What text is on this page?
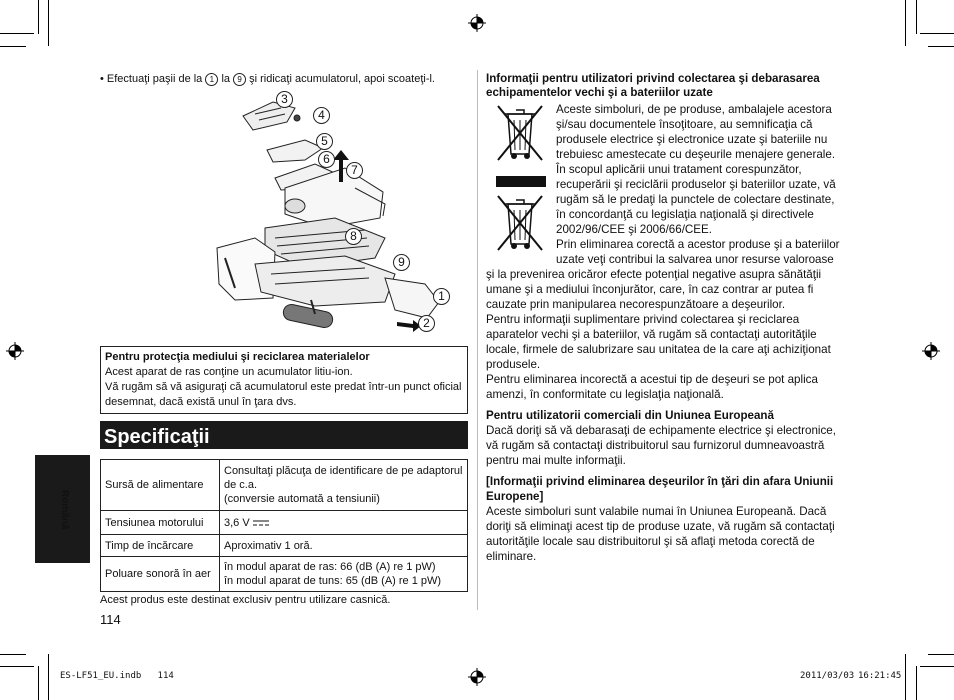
Română
• Efectuaţi paşii de la 1 la 9 şi ridicaţi acumulatorul, apoi scoateţi-l.
3
4
5
6
7
8
9
1
2
Pentru protecţia mediului şi reciclarea materialelor
Acest aparat de ras conţine un acumulator litiu-ion.
Vă rugăm să vă asiguraţi că acumulatorul este predat într-un punct oficial desemnat, dacă există unul în ţara dvs.
Specificaţii
Sursă de alimentare	Consultaţi plăcuţa de identificare de pe adaptorul de c.a.
(conversie automată a tensiunii)
Tensiunea motorului	3,6 V
Timp de încărcare	Aproximativ 1 oră.
Poluare sonoră în aer	în modul aparat de ras: 66 (dB (A) re 1 pW)
în modul aparat de tuns: 65 (dB (A) re 1 pW)
Acest produs este destinat exclusiv pentru utilizare casnică.
114
Informaţii pentru utilizatori privind colectarea şi debarasarea echipamentelor vechi şi a bateriilor uzate
Aceste simboluri, de pe produse, ambalajele acestora
şi/sau documentele însoţitoare, au semnificaţia că
produsele electrice şi electronice uzate şi bateriile nu
trebuiesc amestecate cu deşeurile menajere generale.
În scopul aplicării unui tratament corespunzător,
recuperării şi reciclării produselor şi bateriilor uzate, vă
rugăm să le predaţi la punctele de colectare destinate,
în concordanţă cu legislaţia naţională şi directivele
2002/96/CEE şi 2006/66/CEE.
Prin eliminarea corectă a acestor produse şi a bateriilor
uzate veţi contribui la salvarea unor resurse valoroase

şi la prevenirea oricăror efecte potenţial negative asupra sănătăţii umane şi a mediului înconjurător, care, în caz contrar ar putea fi cauzate prin manipularea necorespunzătoare a deşeurilor.

Pentru informaţii suplimentare privind colectarea şi reciclarea aparatelor vechi şi a bateriilor, vă rugăm să contactaţi autorităţile locale, firmele de salubrizare sau unitatea de la care aţi achiziţionat produsele.

Pentru eliminarea incorectă a acestui tip de deşeuri se pot aplica amenzi, în conformitate cu legislaţia naţională.

Pentru utilizatorii comerciali din Uniunea Europeană

Dacă doriţi să vă debarasaţi de echipamente electrice şi electronice, vă rugăm să contactaţi distribuitorul sau furnizorul dumneavoastră pentru mai multe informaţii.

[Informaţii privind eliminarea deşeurilor în ţări din afara Uniunii Europene]

Aceste simboluri sunt valabile numai în Uniunea Europeană. Dacă doriţi să eliminaţi acest tip de produse uzate, vă rugăm să contactaţi autorităţile locale sau distribuitorul şi să aflaţi metoda corectă de eliminare.

ES-LF51_EU.indb   114	2011/03/03 16:21:45
